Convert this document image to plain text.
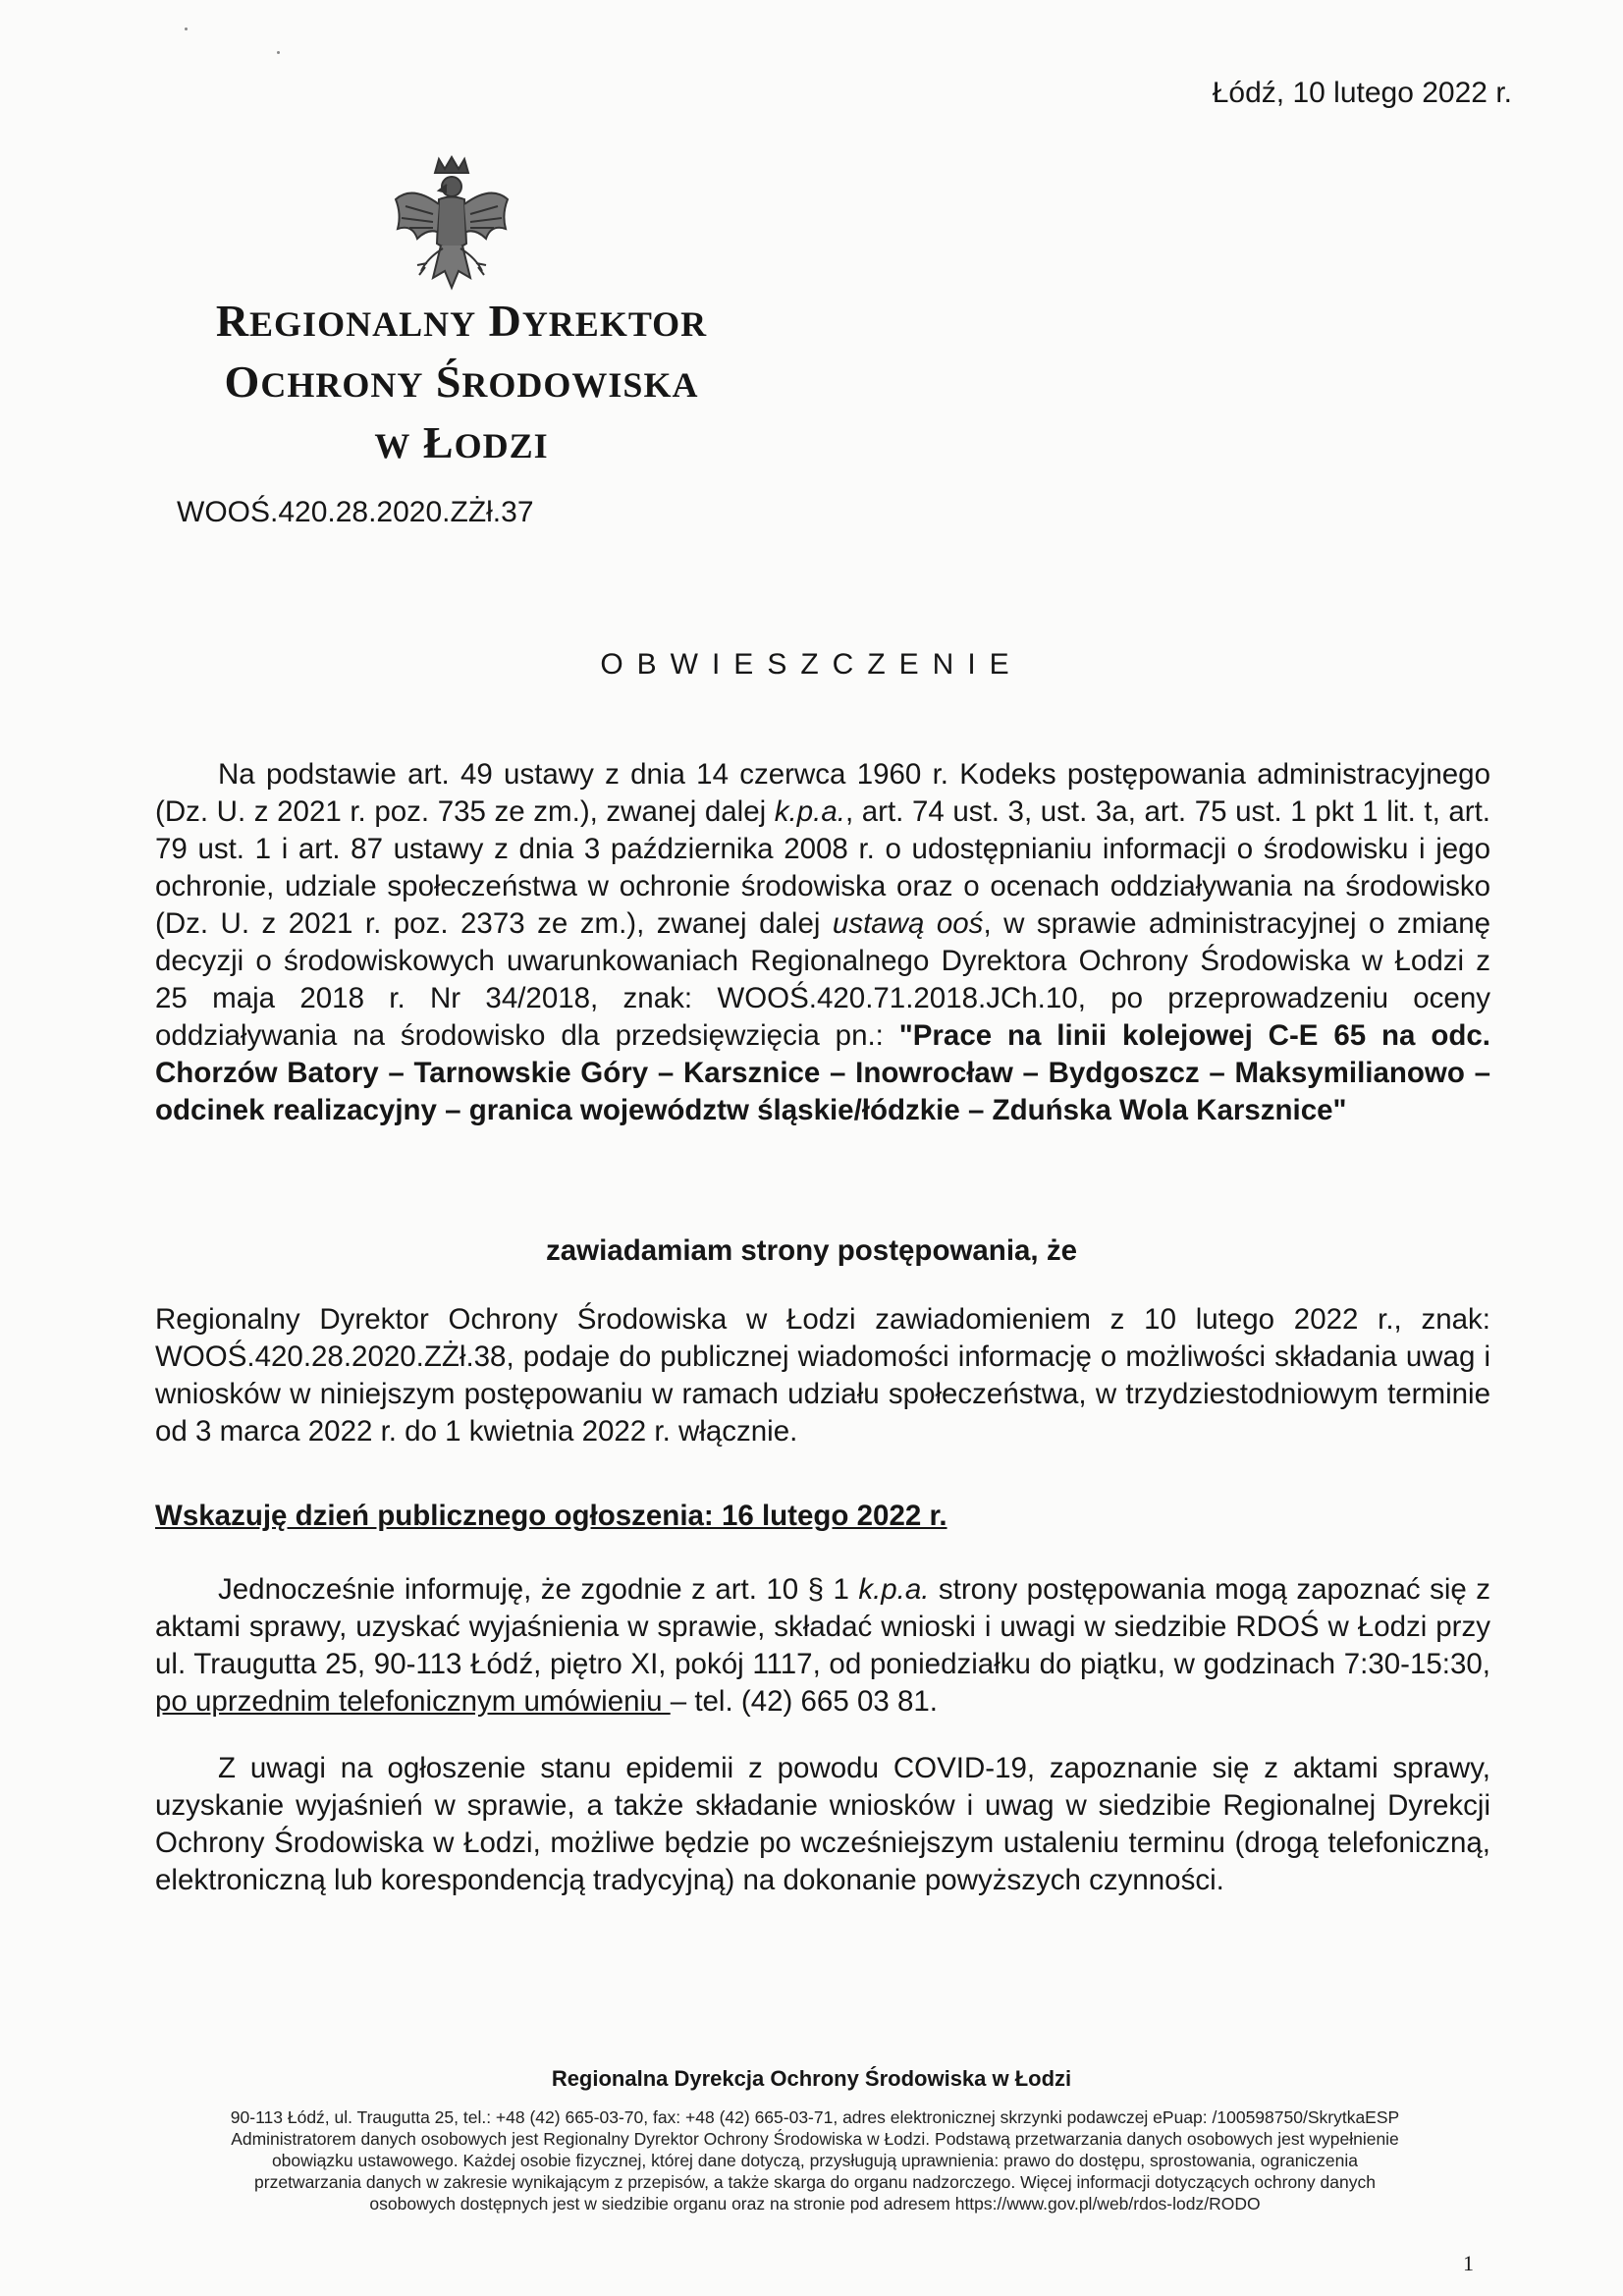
Łódź, 10 lutego 2022 r.
REGIONALNY DYREKTOR
OCHRONY ŚRODOWISKA
W ŁODZI
WOOŚ.420.28.2020.ZŻł.37
OBWIESZCZENIE

Na podstawie art. 49 ustawy z dnia 14 czerwca 1960 r. Kodeks postępowania administracyjnego (Dz. U. z 2021 r. poz. 735 ze zm.), zwanej dalej k.p.a., art. 74 ust. 3, ust. 3a, art. 75 ust. 1 pkt 1 lit. t, art. 79 ust. 1 i art. 87 ustawy z dnia 3 października 2008 r. o udostępnianiu informacji o środowisku i jego ochronie, udziale społeczeństwa w ochronie środowiska oraz o ocenach oddziaływania na środowisko (Dz. U. z 2021 r. poz. 2373 ze zm.), zwanej dalej ustawą ooś, w sprawie administracyjnej o zmianę decyzji o środowiskowych uwarunkowaniach Regionalnego Dyrektora Ochrony Środowiska w Łodzi z 25 maja 2018 r. Nr 34/2018, znak: WOOŚ.420.71.2018.JCh.10, po przeprowadzeniu oceny oddziaływania na środowisko dla przedsięwzięcia pn.: "Prace na linii kolejowej C-E 65 na odc. Chorzów Batory – Tarnowskie Góry – Karsznice – Inowrocław – Bydgoszcz – Maksymilianowo – odcinek realizacyjny – granica województw śląskie/łódzkie – Zduńska Wola Karsznice"

zawiadamiam strony postępowania, że

Regionalny Dyrektor Ochrony Środowiska w Łodzi zawiadomieniem z 10 lutego 2022 r., znak: WOOŚ.420.28.2020.ZŻł.38, podaje do publicznej wiadomości informację o możliwości składania uwag i wniosków w niniejszym postępowaniu w ramach udziału społeczeństwa, w trzydziestodniowym terminie od 3 marca 2022 r. do 1 kwietnia 2022 r. włącznie.

Wskazuję dzień publicznego ogłoszenia: 16 lutego 2022 r.

Jednocześnie informuję, że zgodnie z art. 10 § 1 k.p.a. strony postępowania mogą zapoznać się z aktami sprawy, uzyskać wyjaśnienia w sprawie, składać wnioski i uwagi w siedzibie RDOŚ w Łodzi przy ul. Traugutta 25, 90-113 Łódź, piętro XI, pokój 1117, od poniedziałku do piątku, w godzinach 7:30-15:30, po uprzednim telefonicznym umówieniu – tel. (42) 665 03 81.

Z uwagi na ogłoszenie stanu epidemii z powodu COVID-19, zapoznanie się z aktami sprawy, uzyskanie wyjaśnień w sprawie, a także składanie wniosków i uwag w siedzibie Regionalnej Dyrekcji Ochrony Środowiska w Łodzi, możliwe będzie po wcześniejszym ustaleniu terminu (drogą telefoniczną, elektroniczną lub korespondencją tradycyjną) na dokonanie powyższych czynności.

Regionalna Dyrekcja Ochrony Środowiska w Łodzi
90-113 Łódź, ul. Traugutta 25, tel.: +48 (42) 665-03-70, fax: +48 (42) 665-03-71, adres elektronicznej skrzynki podawczej ePuap: /100598750/SkrytkaESP
Administratorem danych osobowych jest Regionalny Dyrektor Ochrony Środowiska w Łodzi. Podstawą przetwarzania danych osobowych jest wypełnienie
obowiązku ustawowego. Każdej osobie fizycznej, której dane dotyczą, przysługują uprawnienia: prawo do dostępu, sprostowania, ograniczenia
przetwarzania danych w zakresie wynikającym z przepisów, a także skarga do organu nadzorczego. Więcej informacji dotyczących ochrony danych
osobowych dostępnych jest w siedzibie organu oraz na stronie pod adresem https://www.gov.pl/web/rdos-lodz/RODO
1
